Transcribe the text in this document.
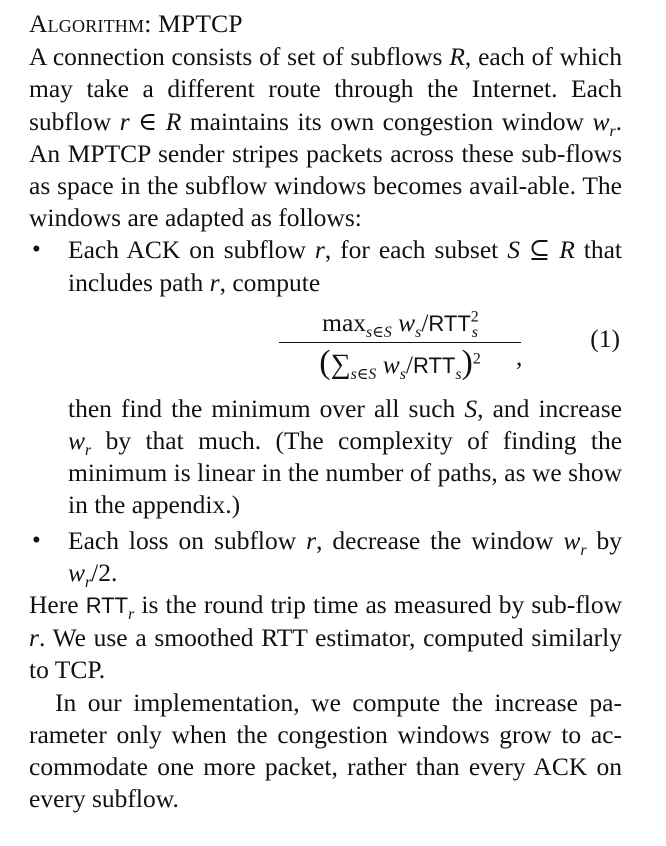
Algorithm: MPTCP

A connection consists of set of subflows R, each of which may take a different route through the Internet. Each subflow r ∈ R maintains its own congestion window $w_r$. An MPTCP sender stripes packets across these sub-flows as space in the subflow windows becomes avail-able. The windows are adapted as follows:

• Each ACK on subflow r, for each subset S ⊆ R that includes path r, compute
$\max_{s\in S} w_s/RTT^2_s$
($\sum_{s\in S}$ $w_s/RTT_s)^2$	,
(1)
then find the minimum over all such S, and increase $w_r$ by that much. (The complexity of finding the minimum is linear in the number of paths, as we show in the appendix.)
• Each loss on subflow r, decrease the window $w_r$ by $w_r/2$.

Here $RTT_r$ is the round trip time as measured by sub-flow r. We use a smoothed RTT estimator, computed similarly to TCP.

In our implementation, we compute the increase pa-rameter only when the congestion windows grow to ac-commodate one more packet, rather than every ACK on every subflow.
